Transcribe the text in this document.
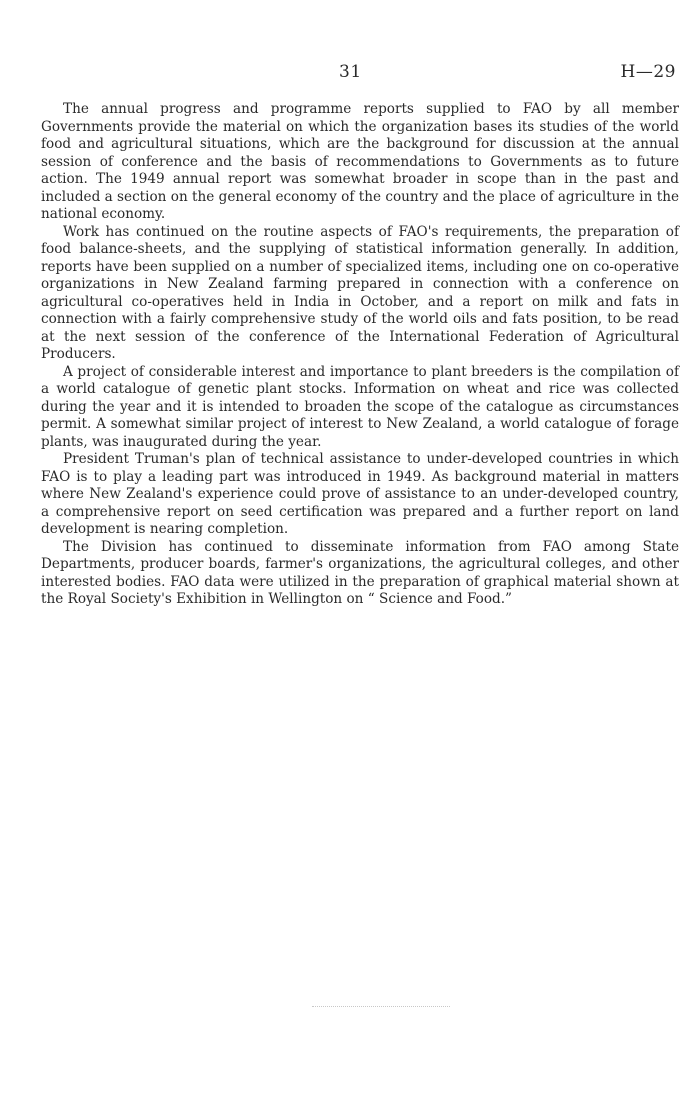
31	H—29

The annual progress and programme reports supplied to FAO by all member Governments provide the material on which the organization bases its studies of the world food and agricultural situations, which are the background for discussion at the annual session of conference and the basis of recommendations to Governments as to future action. The 1949 annual report was somewhat broader in scope than in the past and included a section on the general economy of the country and the place of agriculture in the national economy.

Work has continued on the routine aspects of FAO's requirements, the preparation of food balance-sheets, and the supplying of statistical information generally. In addition, reports have been supplied on a number of specialized items, including one on co-operative organizations in New Zealand farming prepared in connection with a conference on agricultural co-operatives held in India in October, and a report on milk and fats in connection with a fairly comprehensive study of the world oils and fats position, to be read at the next session of the conference of the International Federation of Agricultural Producers.

A project of considerable interest and importance to plant breeders is the compilation of a world catalogue of genetic plant stocks. Information on wheat and rice was collected during the year and it is intended to broaden the scope of the catalogue as circumstances permit. A somewhat similar project of interest to New Zealand, a world catalogue of forage plants, was inaugurated during the year.

President Truman's plan of technical assistance to under-developed countries in which FAO is to play a leading part was introduced in 1949. As background material in matters where New Zealand's experience could prove of assistance to an under-developed country, a comprehensive report on seed certification was prepared and a further report on land development is nearing completion.

The Division has continued to disseminate information from FAO among State Departments, producer boards, farmer's organizations, the agricultural colleges, and other interested bodies. FAO data were utilized in the preparation of graphical material shown at the Royal Society's Exhibition in Wellington on “ Science and Food.”
